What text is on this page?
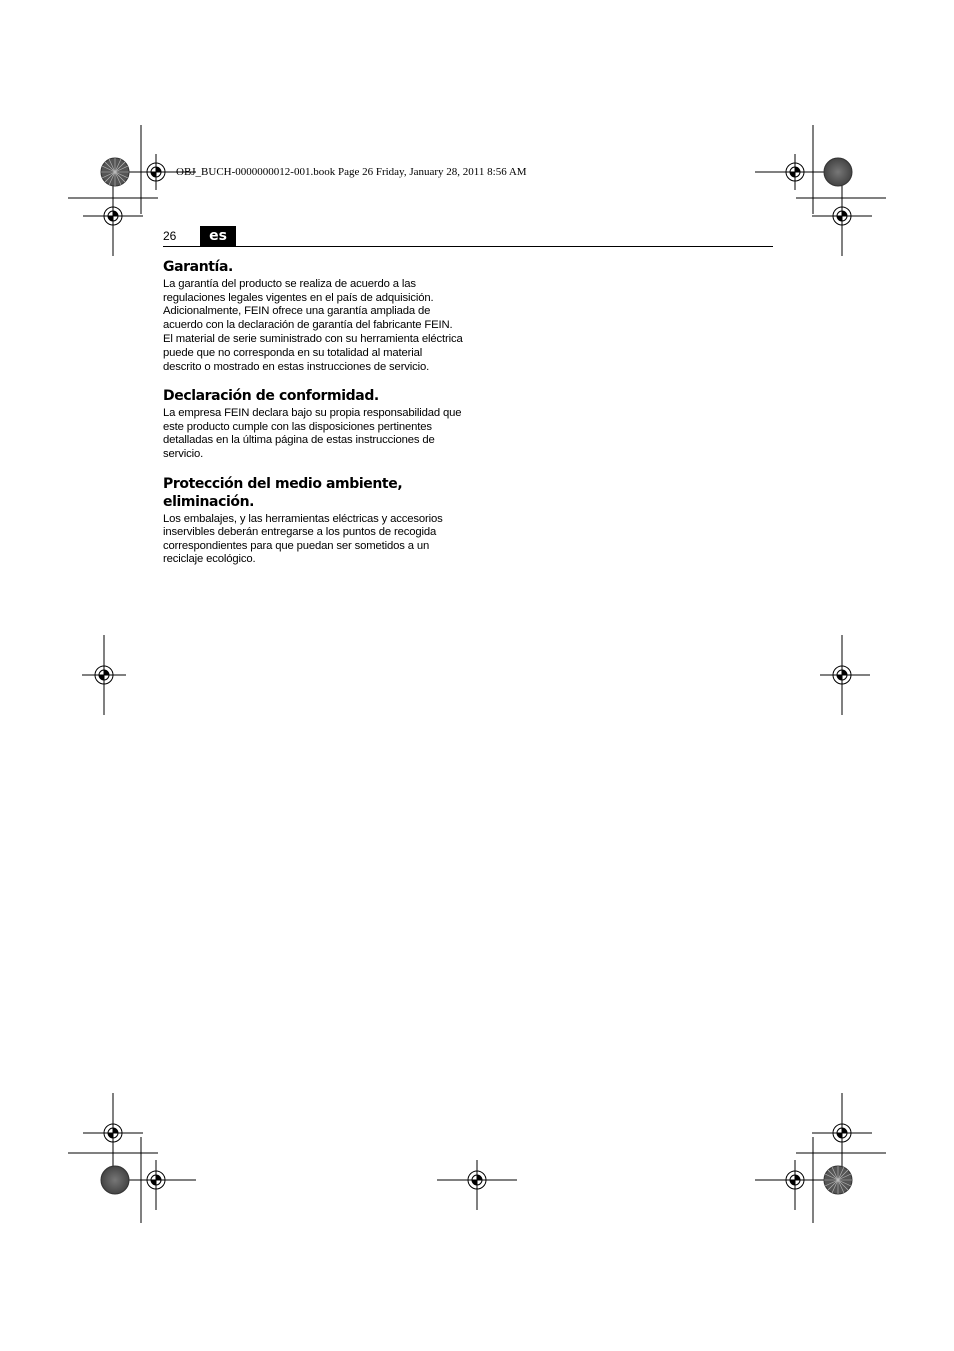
OBJ_BUCH-0000000012-001.book Page 26 Friday, January 28, 2011 8:56 AM
26	es
Garantía.

La garantía del producto se realiza de acuerdo a las regulaciones legales vigentes en el país de adquisición. Adicionalmente, FEIN ofrece una garantía ampliada de acuerdo con la declaración de garantía del fabricante FEIN.

El material de serie suministrado con su herramienta eléctrica puede que no corresponda en su totalidad al material descrito o mostrado en estas instrucciones de servicio.

Declaración de conformidad.

La empresa FEIN declara bajo su propia responsabilidad que este producto cumple con las disposiciones pertinentes detalladas en la última página de estas instrucciones de servicio.

Protección del medio ambiente, eliminación.

Los embalajes, y las herramientas eléctricas y accesorios inservibles deberán entregarse a los puntos de recogida correspondientes para que puedan ser sometidos a un reciclaje ecológico.
